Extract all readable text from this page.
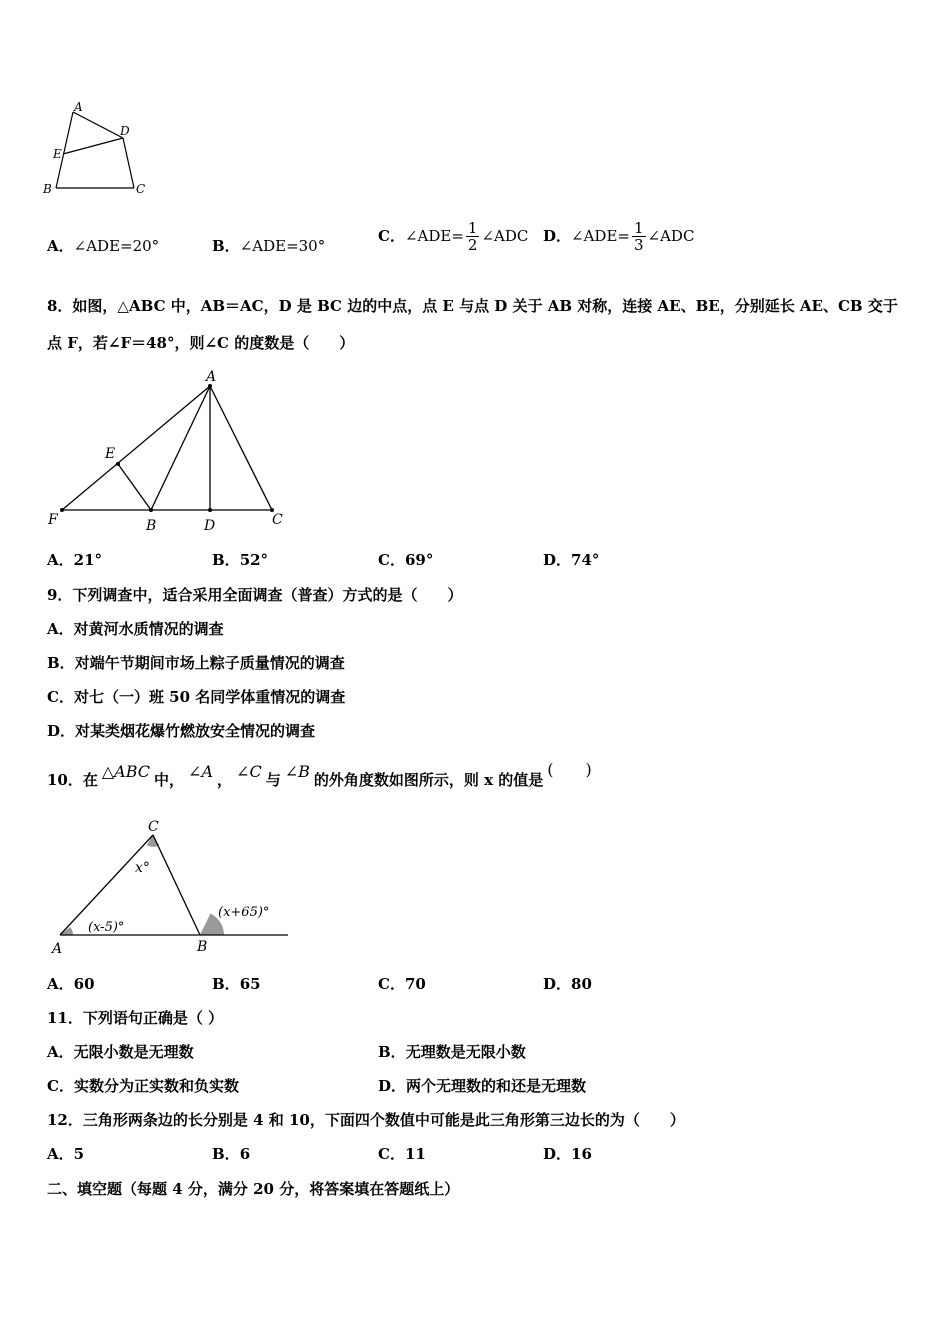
A
B	C
D
E
A．∠ADE=20°	B．∠ADE=30°
C． ∠ADE= $\frac{1}{2}$ ∠ADC D． ∠ADE= $\frac{1}{3}$ ∠ADC
8．如图，△ABC 中，AB＝AC，D 是 BC 边的中点，点 E 与点 D 关于 AB 对称，连接 AE、BE，分别延长 AE、CB 交于
点 F，若∠F＝48°，则∠C 的度数是（　　）
A
B	C
D
E
F
A．21°	B．52°	C．69°	D．74°
9．下列调查中，适合采用全面调查（普查）方式的是（　　）
A．对黄河水质情况的调查
B．对端午节期间市场上粽子质量情况的调查
C．对七（一）班 50 名同学体重情况的调查
D．对某类烟花爆竹燃放安全情况的调查
10．在 △ABC 中， ∠A ， ∠C 与 ∠B 的外角度数如图所示，则 x 的值是
(　　)
A	B
C
x°
(x-5)°
(x+65)°
A．60	B．65	C．70	D．80
11．下列语句正确是（ ）
A．无限小数是无理数	B．无理数是无限小数
C．实数分为正实数和负实数	D．两个无理数的和还是无理数
12．三角形两条边的长分别是 4 和 10，下面四个数值中可能是此三角形第三边长的为（　　）
A．5	B．6	C．11	D．16
二、填空题（每题 4 分，满分 20 分，将答案填在答题纸上）
